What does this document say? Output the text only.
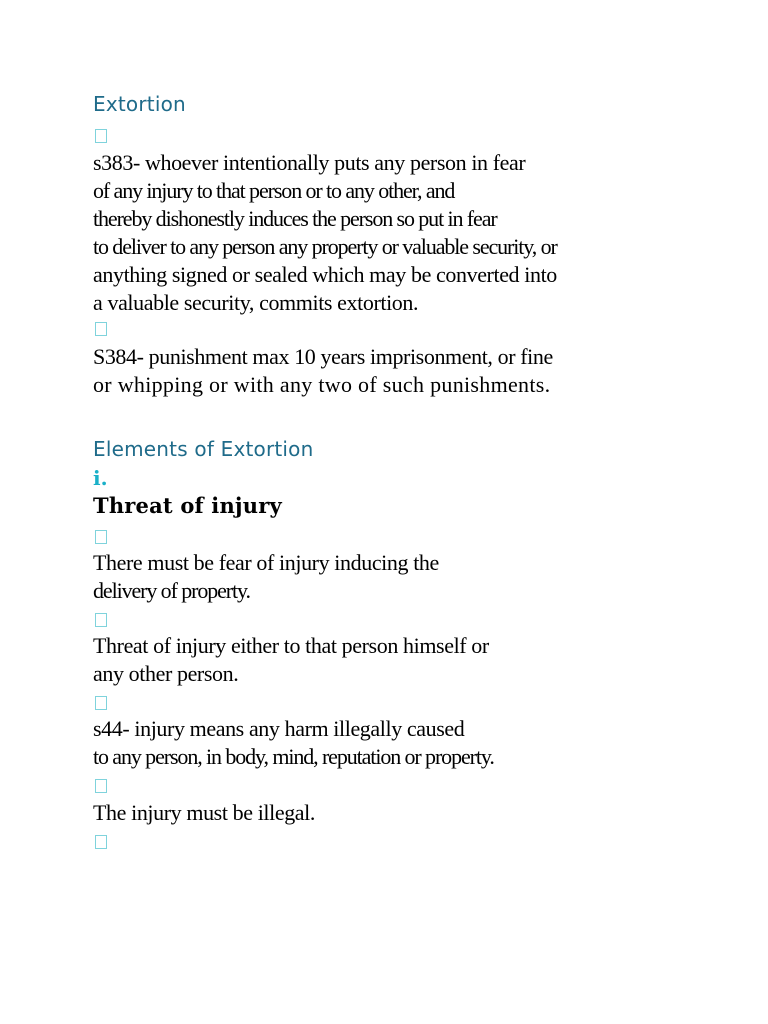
Extortion
s383- whoever intentionally puts any person in fear
of any injury to that person or to any other, and
thereby dishonestly induces the person so put in fear
to deliver to any person any property or valuable security, or
anything signed or sealed which may be converted into
a valuable security, commits extortion.
S384- punishment max 10 years imprisonment, or fine
or whipping or with any two of such punishments.
Elements of Extortion
i.
Threat of injury
There must be fear of injury inducing the
delivery of property.
Threat of injury either to that person himself or
any other person.
s44- injury means any harm illegally caused
to any person, in body, mind, reputation or property.
The injury must be illegal.
